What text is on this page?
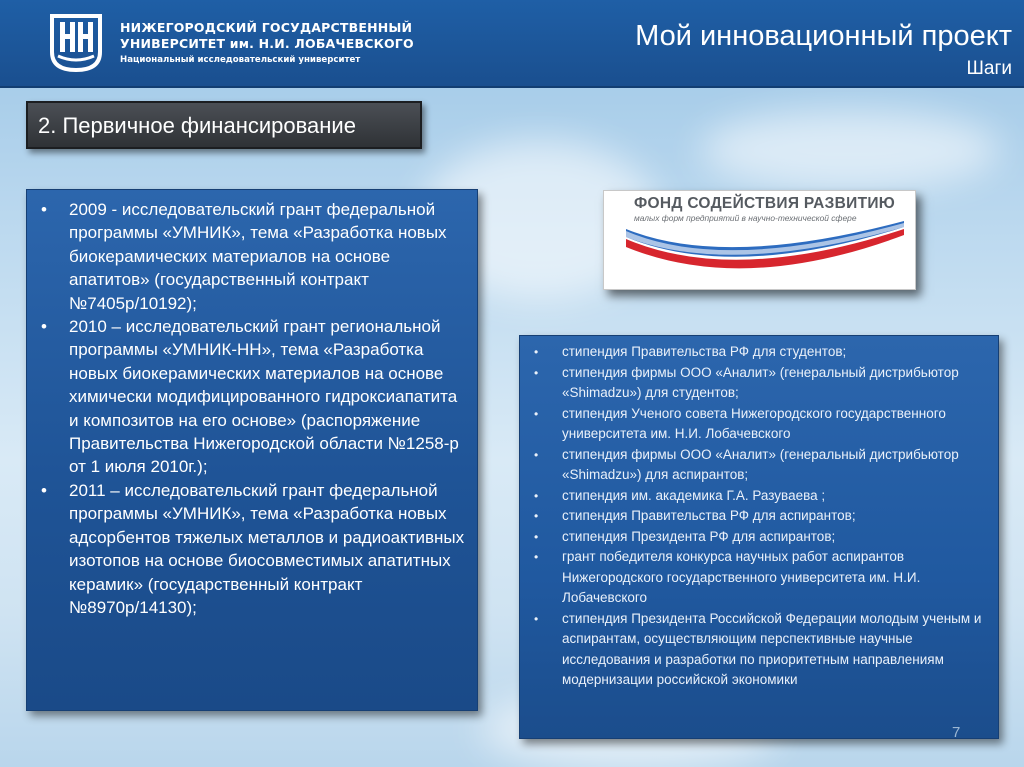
НИЖЕГОРОДСКИЙ ГОСУДАРСТВЕННЫЙ
УНИВЕРСИТЕТ им. Н.И. ЛОБАЧЕВСКОГО
Национальный исследовательский университет
Мой инновационный проект
Шаги
2. Первичное финансирование
• 2009 - исследовательский грант федеральной программы «УМНИК», тема «Разработка новых биокерамических материалов на основе апатитов» (государственный контракт №7405р/10192);
• 2010 – исследовательский грант региональной программы «УМНИК-НН», тема «Разработка новых биокерамических материалов на основе химически модифицированного гидроксиапатита и композитов на его основе» (распоряжение Правительства Нижегородской области №1258-р от 1 июля 2010г.);
• 2011 – исследовательский грант федеральной программы «УМНИК», тема «Разработка новых адсорбентов тяжелых металлов и радиоактивных изотопов на основе биосовместимых апатитных керамик» (государственный контракт №8970р/14130);
ФОНД СОДЕЙСТВИЯ РАЗВИТИЮ
малых форм предприятий в научно-технической сфере
• стипендия Правительства РФ для студентов;
• стипендия фирмы ООО «Аналит» (генеральный дистрибьютор «Shimadzu») для студентов;
• стипендия Ученого совета Нижегородского государственного университета им. Н.И. Лобачевского
• стипендия фирмы ООО «Аналит» (генеральный дистрибьютор «Shimadzu») для аспирантов;
• стипендия им. академика Г.А. Разуваева ;
• стипендия Правительства РФ для аспирантов;
• стипендия Президента РФ для аспирантов;
• грант победителя конкурса научных работ аспирантов Нижегородского государственного университета им. Н.И. Лобачевского
• стипендия Президента Российской Федерации молодым ученым и аспирантам, осуществляющим перспективные научные исследования и разработки по приоритетным направлениям модернизации российской экономики
7
